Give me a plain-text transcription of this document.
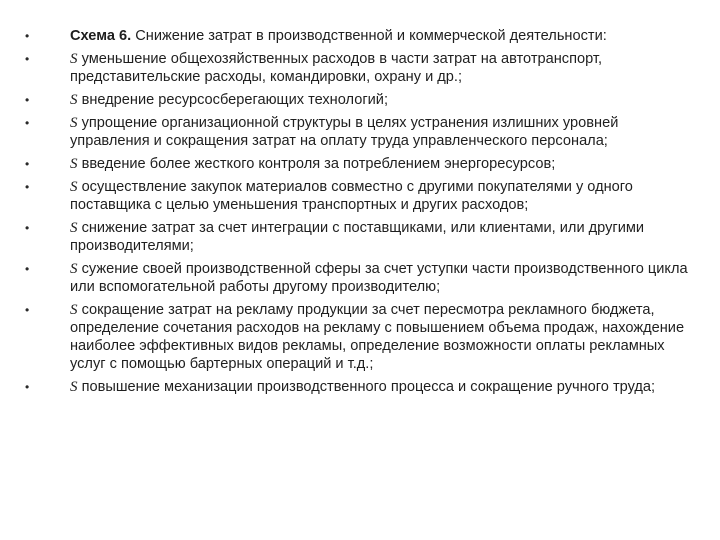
•	Схема 6. Снижение затрат в производственной и коммерческой деятельности:
•	S уменьшение общехозяйственных расходов в части затрат на автотранспорт, представительские расходы, командировки, охрану и др.;
•	S внедрение ресурсосберегающих технологий;
•	S упрощение организационной структуры в целях устранения излишних уровней управления и сокращения затрат на оплату труда управленческого персонала;
•	S введение более жесткого контроля за потреблением энергоресурсов;
•	S осуществление закупок материалов совместно с другими покупателями у одного поставщика с целью уменьшения транспортных и других расходов;
•	S снижение затрат за счет интеграции с поставщиками, или клиентами, или другими производителями;
•	S сужение своей производственной сферы за счет уступки части производственного цикла или вспомогательной работы другому производителю;
•	S сокращение затрат на рекламу продукции за счет пересмотра рекламного бюджета, определение сочетания расходов на рекламу с повышением объема продаж, нахождение наиболее эффективных видов рекламы, определение возможности оплаты рекламных услуг с помощью бартерных операций и т.д.;
•	S повышение механизации производственного процесса и сокращение ручного труда;
